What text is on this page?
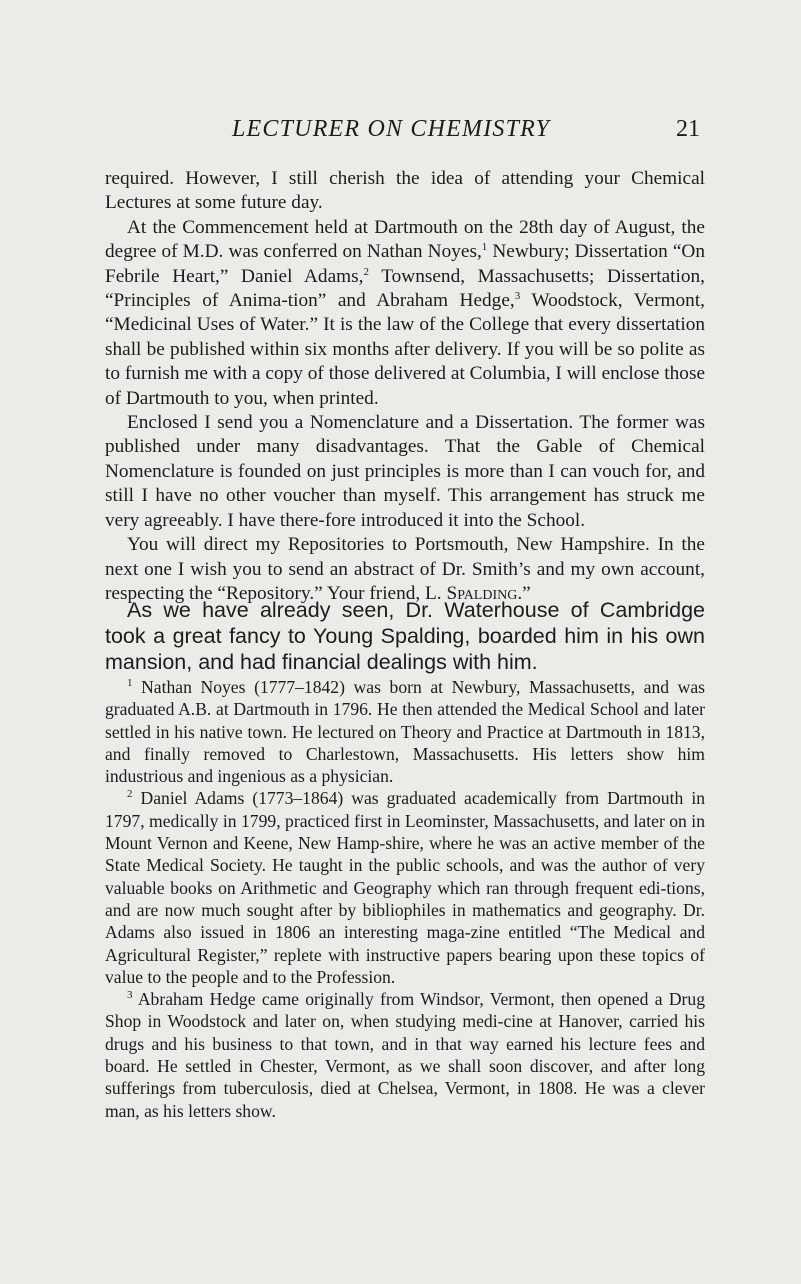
LECTURER ON CHEMISTRY	21

required. However, I still cherish the idea of attending your Chemical Lectures at some future day.

At the Commencement held at Dartmouth on the 28th day of August, the degree of M.D. was conferred on Nathan Noyes,$^1$ Newbury; Dissertation “On Febrile Heart,” Daniel Adams,$^2$ Townsend, Massachusetts; Dissertation, “Principles of Anima-tion” and Abraham Hedge,$^3$ Woodstock, Vermont, “Medicinal Uses of Water.” It is the law of the College that every dissertation shall be published within six months after delivery. If you will be so polite as to furnish me with a copy of those delivered at Columbia, I will enclose those of Dartmouth to you, when printed.

Enclosed I send you a Nomenclature and a Dissertation. The former was published under many disadvantages. That the Gable of Chemical Nomenclature is founded on just principles is more than I can vouch for, and still I have no other voucher than myself. This arrangement has struck me very agreeably. I have there-fore introduced it into the School.

You will direct my Repositories to Portsmouth, New Hampshire. In the next one I wish you to send an abstract of Dr. Smith’s and my own account, respecting the “Repository.” Your friend, L. Spalding.”

As we have already seen, Dr. Waterhouse of Cambridge took a great fancy to Young Spalding, boarded him in his own mansion, and had financial dealings with him.

$^1$ Nathan Noyes (1777–1842) was born at Newbury, Massachusetts, and was graduated A.B. at Dartmouth in 1796. He then attended the Medical School and later settled in his native town. He lectured on Theory and Practice at Dartmouth in 1813, and finally removed to Charlestown, Massachusetts. His letters show him industrious and ingenious as a physician.

$^2$ Daniel Adams (1773–1864) was graduated academically from Dartmouth in 1797, medically in 1799, practiced first in Leominster, Massachusetts, and later on in Mount Vernon and Keene, New Hamp-shire, where he was an active member of the State Medical Society. He taught in the public schools, and was the author of very valuable books on Arithmetic and Geography which ran through frequent edi-tions, and are now much sought after by bibliophiles in mathematics and geography. Dr. Adams also issued in 1806 an interesting maga-zine entitled “The Medical and Agricultural Register,” replete with instructive papers bearing upon these topics of value to the people and to the Profession.

$^3$ Abraham Hedge came originally from Windsor, Vermont, then opened a Drug Shop in Woodstock and later on, when studying medi-cine at Hanover, carried his drugs and his business to that town, and in that way earned his lecture fees and board. He settled in Chester, Vermont, as we shall soon discover, and after long sufferings from tuberculosis, died at Chelsea, Vermont, in 1808. He was a clever man, as his letters show.
